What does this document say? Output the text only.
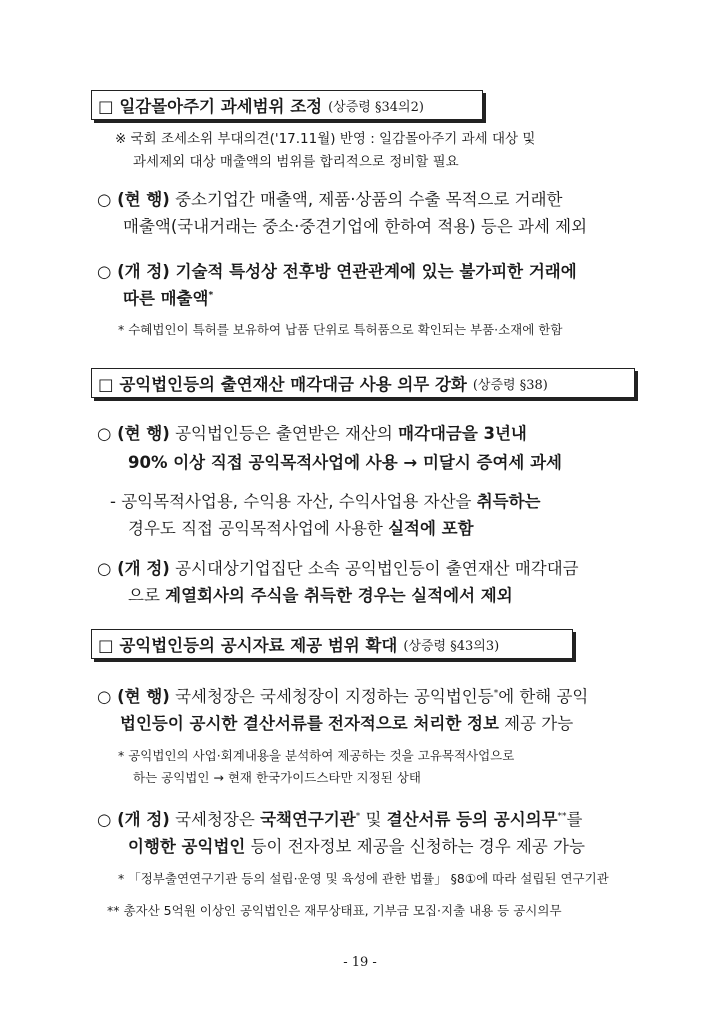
□ 일감몰아주기 과세범위 조정 (상증령 §34의2)
※ 국회 조세소위 부대의견('17.11월) 반영 : 일감몰아주기 과세 대상 및
과세제외 대상 매출액의 범위를 합리적으로 정비할 필요
○ (현 행) 중소기업간 매출액, 제품·상품의 수출 목적으로 거래한
매출액(국내거래는 중소·중견기업에 한하여 적용) 등은 과세 제외
○ (개 정) 기술적 특성상 전후방 연관관계에 있는 불가피한 거래에
따른 매출액*
* 수혜법인이 특허를 보유하여 납품 단위로 특허품으로 확인되는 부품·소재에 한함
□ 공익법인등의 출연재산 매각대금 사용 의무 강화 (상증령 §38)
○ (현 행) 공익법인등은 출연받은 재산의 매각대금을 3년내
90% 이상 직접 공익목적사업에 사용 → 미달시 증여세 과세
- 공익목적사업용, 수익용 자산, 수익사업용 자산을 취득하는
경우도 직접 공익목적사업에 사용한 실적에 포함
○ (개 정) 공시대상기업집단 소속 공익법인등이 출연재산 매각대금
으로 계열회사의 주식을 취득한 경우는 실적에서 제외
□ 공익법인등의 공시자료 제공 범위 확대 (상증령 §43의3)
○ (현 행) 국세청장은 국세청장이 지정하는 공익법인등*에 한해 공익
법인등이 공시한 결산서류를 전자적으로 처리한 정보 제공 가능
* 공익법인의 사업·회계내용을 분석하여 제공하는 것을 고유목적사업으로
하는 공익법인 → 현재 한국가이드스타만 지정된 상태
○ (개 정) 국세청장은 국책연구기관* 및 결산서류 등의 공시의무**를
이행한 공익법인 등이 전자정보 제공을 신청하는 경우 제공 가능
* 「정부출연연구기관 등의 설립·운영 및 육성에 관한 법률」 §8①에 따라 설립된 연구기관
** 총자산 5억원 이상인 공익법인은 재무상태표, 기부금 모집·지출 내용 등 공시의무
- 19 -
